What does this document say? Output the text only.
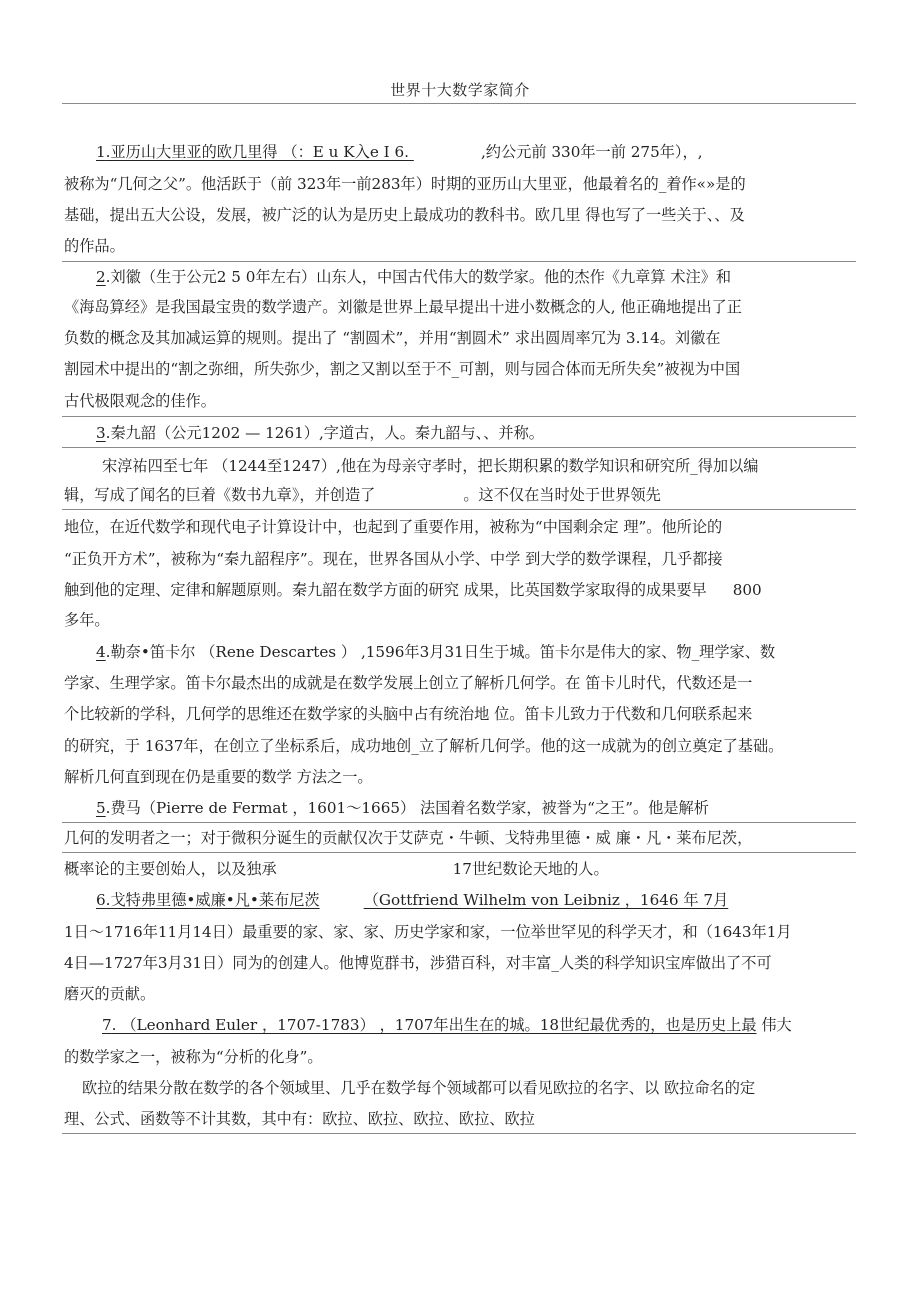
世界十大数学家简介
1.亚历山大里亚的欧几里得 （：E u K入e I 6.	,约公元前 330年一前 275年），,
被称为“几何之父”。他活跃于（前 323年一前283年）时期的亚历山大里亚，他最着名的_着作«»是的
基础，提出五大公设，发展，被广泛的认为是历史上最成功的教科书。欧几里 得也写了一些关于、、及
的作品。
2.刘徽（生于公元2 5 0年左右）山东人，中国古代伟大的数学家。他的杰作《九章算 术注》和
《海岛算经》是我国最宝贵的数学遗产。刘徽是世界上最早提出十进小数概念的人, 他正确地提出了正
负数的概念及其加减运算的规则。提出了 “割圆术”，并用“割圆术” 求出圆周率冗为 3.14。刘徽在
割园术中提出的“割之弥细，所失弥少，割之又割以至于不_可割，则与园合体而无所失矣”被视为中国
古代极限观念的佳作。
3.秦九韶（公元1202 — 1261）,字道古，人。秦九韶与、、并称。
宋淳祐四至七年 （1244至1247）,他在为母亲守孝时，把长期积累的数学知识和研究所_得加以编
辑，写成了闻名的巨着《数书九章》，并创造了	。这不仅在当时处于世界领先
地位，在近代数学和现代电子计算设计中，也起到了重要作用，被称为“中国剩余定 理”。他所论的
“正负开方术”，被称为“秦九韶程序”。现在，世界各国从小学、中学 到大学的数学课程，几乎都接
触到他的定理、定律和解题原则。秦九韶在数学方面的研究 成果，比英国数学家取得的成果要早 800
多年。
4.勒奈•笛卡尔 （Rene Descartes ） ,1596年3月31日生于城。笛卡尔是伟大的家、物_理学家、数
学家、生理学家。笛卡尔最杰出的成就是在数学发展上创立了解析几何学。在 笛卡儿时代，代数还是一
个比较新的学科，几何学的思维还在数学家的头脑中占有统治地 位。笛卡儿致力于代数和几何联系起来
的研究，于 1637年，在创立了坐标系后，成功地创_立了解析几何学。他的这一成就为的创立奠定了基础。
解析几何直到现在仍是重要的数学 方法之一。
5.费马（Pierre de Fermat ，1601～1665） 法国着名数学家，被誉为“之王”。他是解析
几何的发明者之一；对于微积分诞生的贡献仅次于艾萨克・牛顿、戈特弗里德・威 廉・凡・莱布尼茨，
概率论的主要创始人，以及独承	17世纪数论天地的人。
6.戈特弗里德•威廉•凡•莱布尼茨	（Gottfriend Wilhelm von Leibniz ，1646 年 7月
1日～1716年11月14日）最重要的家、家、家、历史学家和家，一位举世罕见的科学天才，和（1643年1月
4日—1727年3月31日）同为的创建人。他博览群书，涉猎百科，对丰富_人类的科学知识宝库做出了不可
磨灭的贡献。
7. （Leonhard Euler ，1707-1783） ，1707年出生在的城。18世纪最优秀的，也是历史上最 伟大
的数学家之一，被称为“分析的化身”。
欧拉的结果分散在数学的各个领域里、几乎在数学每个领域都可以看见欧拉的名字、以 欧拉命名的定
理、公式、函数等不计其数，其中有：欧拉、欧拉、欧拉、欧拉、欧拉
